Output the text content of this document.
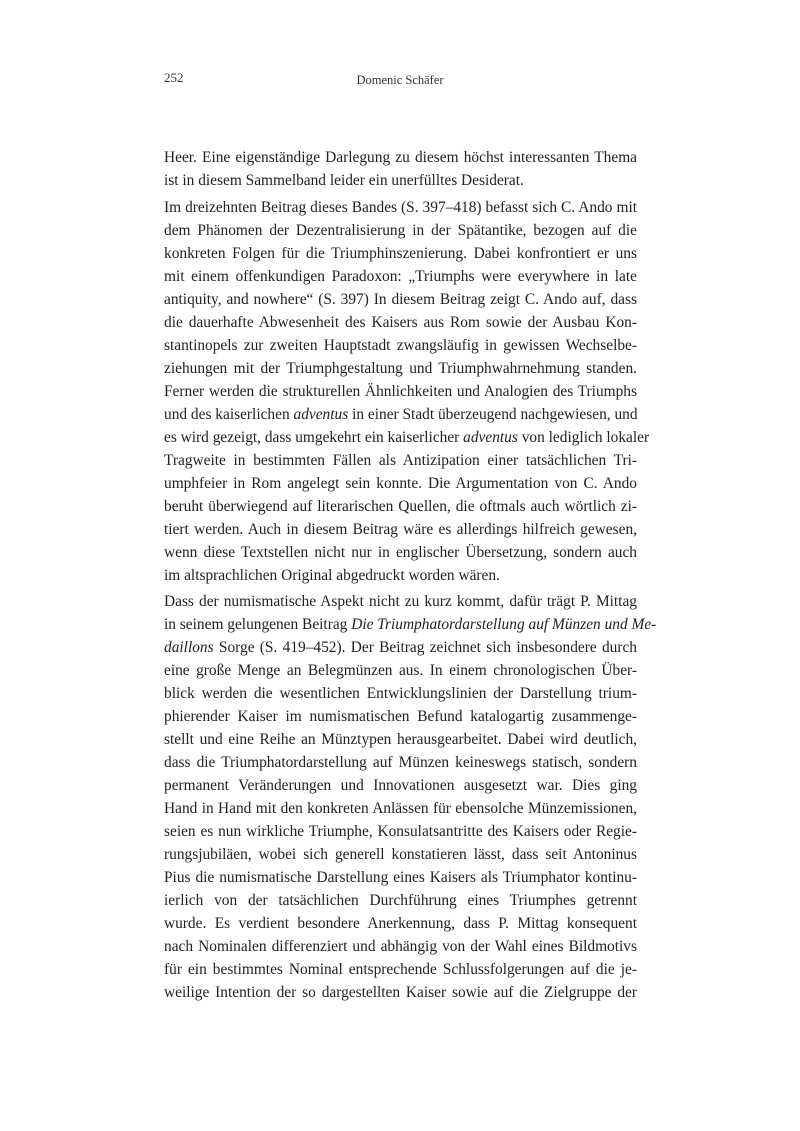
252	Domenic Schäfer
Heer. Eine eigenständige Darlegung zu diesem höchst interessanten Thema
ist in diesem Sammelband leider ein unerfülltes Desiderat.
Im dreizehnten Beitrag dieses Bandes (S. 397–418) befasst sich C. Ando mit
dem Phänomen der Dezentralisierung in der Spätantike, bezogen auf die
konkreten Folgen für die Triumphinszenierung. Dabei konfrontiert er uns
mit einem offenkundigen Paradoxon: „Triumphs were everywhere in late
antiquity, and nowhere“ (S. 397) In diesem Beitrag zeigt C. Ando auf, dass
die dauerhafte Abwesenheit des Kaisers aus Rom sowie der Ausbau Kon-
stantinopels zur zweiten Hauptstadt zwangsläufig in gewissen Wechselbe-
ziehungen mit der Triumphgestaltung und Triumphwahrnehmung standen.
Ferner werden die strukturellen Ähnlichkeiten und Analogien des Triumphs
und des kaiserlichen adventus in einer Stadt überzeugend nachgewiesen, und
es wird gezeigt, dass umgekehrt ein kaiserlicher adventus von lediglich lokaler
Tragweite in bestimmten Fällen als Antizipation einer tatsächlichen Tri-
umphfeier in Rom angelegt sein konnte. Die Argumentation von C. Ando
beruht überwiegend auf literarischen Quellen, die oftmals auch wörtlich zi-
tiert werden. Auch in diesem Beitrag wäre es allerdings hilfreich gewesen,
wenn diese Textstellen nicht nur in englischer Übersetzung, sondern auch
im altsprachlichen Original abgedruckt worden wären.
Dass der numismatische Aspekt nicht zu kurz kommt, dafür trägt P. Mittag
in seinem gelungenen Beitrag Die Triumphatordarstellung auf Münzen und Me-
daillons Sorge (S. 419–452). Der Beitrag zeichnet sich insbesondere durch
eine große Menge an Belegmünzen aus. In einem chronologischen Über-
blick werden die wesentlichen Entwicklungslinien der Darstellung trium-
phierender Kaiser im numismatischen Befund katalogartig zusammenge-
stellt und eine Reihe an Münztypen herausgearbeitet. Dabei wird deutlich,
dass die Triumphatordarstellung auf Münzen keineswegs statisch, sondern
permanent Veränderungen und Innovationen ausgesetzt war. Dies ging
Hand in Hand mit den konkreten Anlässen für ebensolche Münzemissionen,
seien es nun wirkliche Triumphe, Konsulatsantritte des Kaisers oder Regie-
rungsjubiläen, wobei sich generell konstatieren lässt, dass seit Antoninus
Pius die numismatische Darstellung eines Kaisers als Triumphator kontinu-
ierlich von der tatsächlichen Durchführung eines Triumphes getrennt
wurde. Es verdient besondere Anerkennung, dass P. Mittag konsequent
nach Nominalen differenziert und abhängig von der Wahl eines Bildmotivs
für ein bestimmtes Nominal entsprechende Schlussfolgerungen auf die je-
weilige Intention der so dargestellten Kaiser sowie auf die Zielgruppe der
